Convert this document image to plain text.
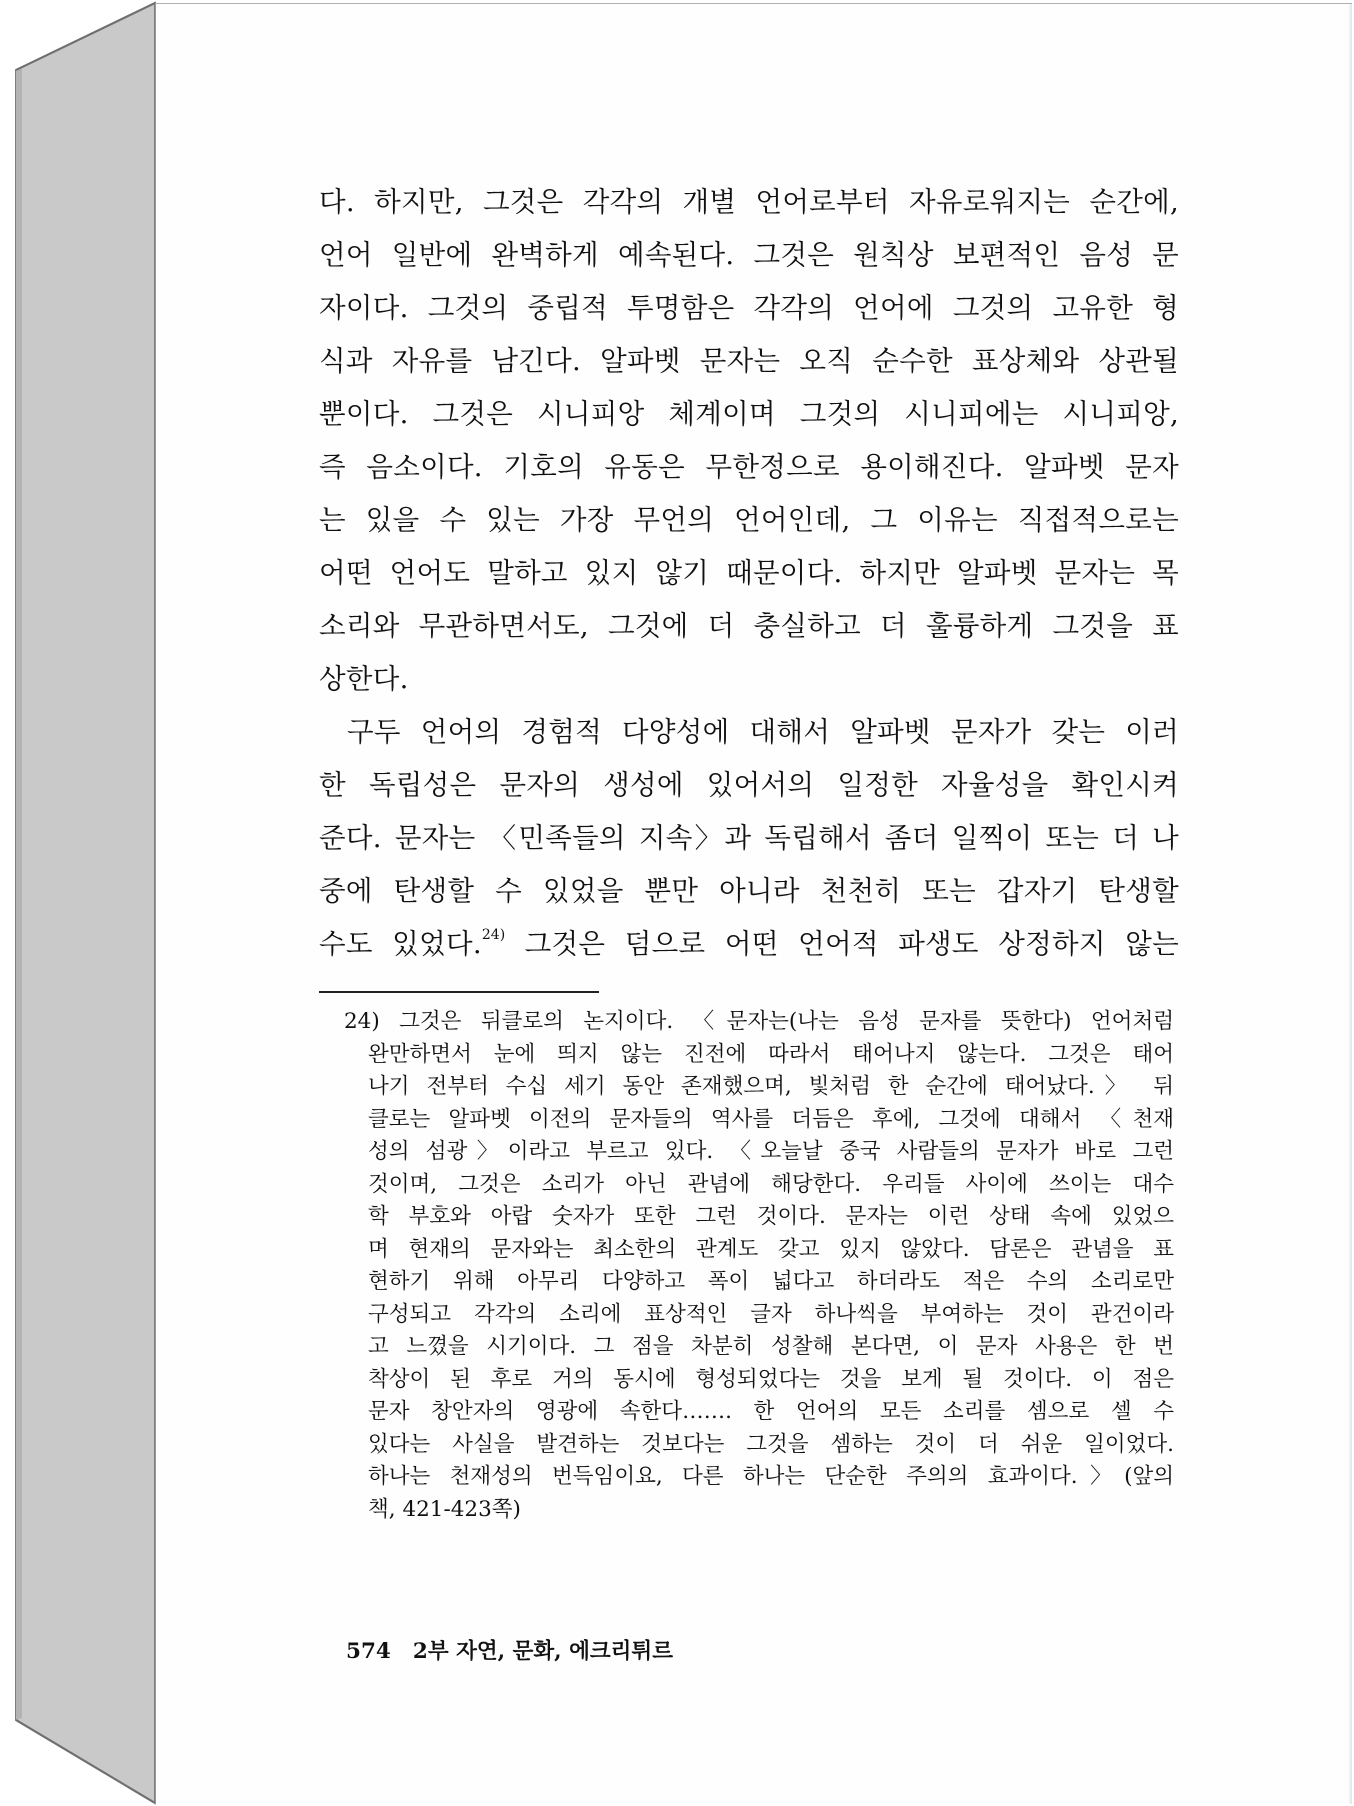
다. 하지만, 그것은 각각의 개별 언어로부터 자유로워지는 순간에,

언어 일반에 완벽하게 예속된다. 그것은 원칙상 보편적인 음성 문

자이다. 그것의 중립적 투명함은 각각의 언어에 그것의 고유한 형

식과 자유를 남긴다. 알파벳 문자는 오직 순수한 표상체와 상관될

뿐이다. 그것은 시니피앙 체계이며 그것의 시니피에는 시니피앙,

즉 음소이다. 기호의 유동은 무한정으로 용이해진다. 알파벳 문자

는 있을 수 있는 가장 무언의 언어인데, 그 이유는 직접적으로는

어떤 언어도 말하고 있지 않기 때문이다. 하지만 알파벳 문자는 목

소리와 무관하면서도, 그것에 더 충실하고 더 훌륭하게 그것을 표

상한다.

구두 언어의 경험적 다양성에 대해서 알파벳 문자가 갖는 이러

한 독립성은 문자의 생성에 있어서의 일정한 자율성을 확인시켜

준다. 문자는 〈민족들의 지속〉과 독립해서 좀더 일찍이 또는 더 나

중에 탄생할 수 있었을 뿐만 아니라 천천히 또는 갑자기 탄생할

수도 있었다.$^{24)}$ 그것은 덤으로 어떤 언어적 파생도 상정하지 않는

24) 그것은 뒤클로의 논지이다. 〈문자는(나는 음성 문자를 뜻한다) 언어처럼
완만하면서 눈에 띄지 않는 진전에 따라서 태어나지 않는다. 그것은 태어
나기 전부터 수십 세기 동안 존재했으며, 빛처럼 한 순간에 태어났다.〉 뒤
클로는 알파벳 이전의 문자들의 역사를 더듬은 후에, 그것에 대해서 〈천재
성의 섬광〉이라고 부르고 있다. 〈오늘날 중국 사람들의 문자가 바로 그런
것이며, 그것은 소리가 아닌 관념에 해당한다. 우리들 사이에 쓰이는 대수
학 부호와 아랍 숫자가 또한 그런 것이다. 문자는 이런 상태 속에 있었으
며 현재의 문자와는 최소한의 관계도 갖고 있지 않았다. 담론은 관념을 표
현하기 위해 아무리 다양하고 폭이 넓다고 하더라도 적은 수의 소리로만
구성되고 각각의 소리에 표상적인 글자 하나씩을 부여하는 것이 관건이라
고 느꼈을 시기이다. 그 점을 차분히 성찰해 본다면, 이 문자 사용은 한 번
착상이 된 후로 거의 동시에 형성되었다는 것을 보게 될 것이다. 이 점은
문자 창안자의 영광에 속한다……. 한 언어의 모든 소리를 셈으로 셀 수
있다는 사실을 발견하는 것보다는 그것을 셈하는 것이 더 쉬운 일이었다.
하나는 천재성의 번득임이요, 다른 하나는 단순한 주의의 효과이다.〉(앞의
책, 421-423쪽)
574 2부 자연, 문화, 에크리튀르
